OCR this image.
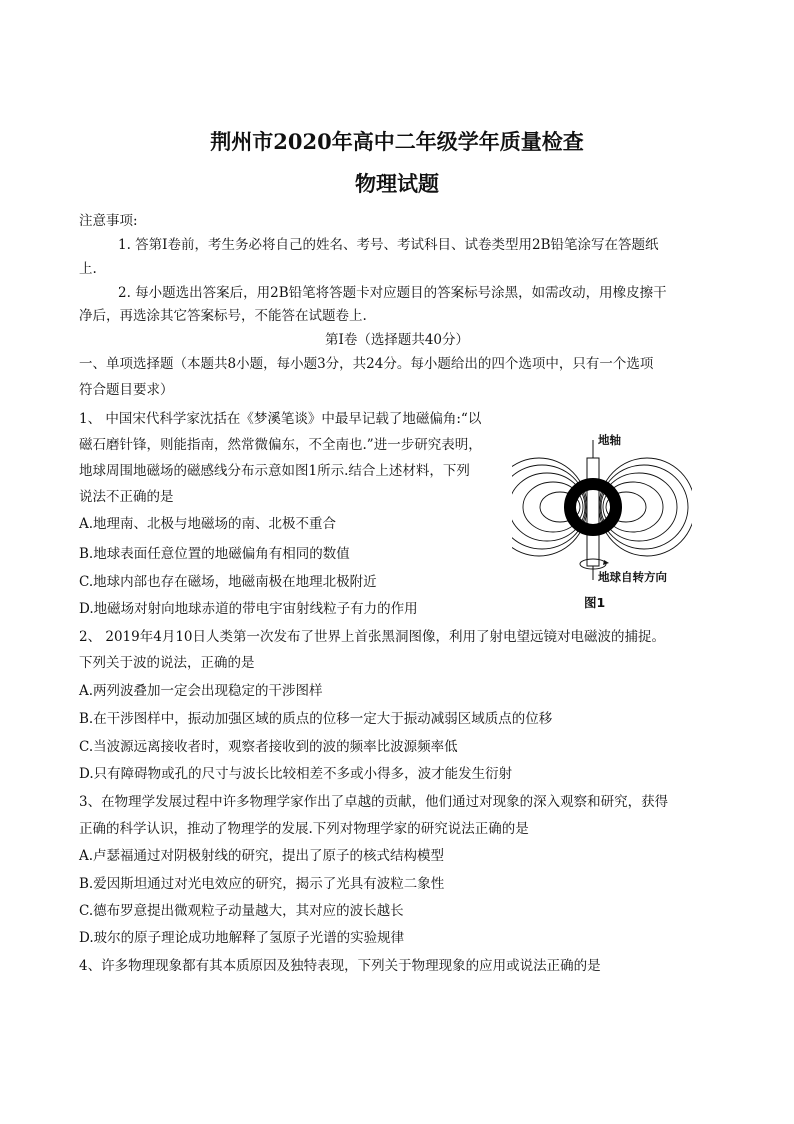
荆州市2020年高中二年级学年质量检查
物理试题

注意事项:

1. 答第I卷前，考生务必将自己的姓名、考号、考试科目、试卷类型用2B铅笔涂写在答题纸

上.

2. 每小题选出答案后，用2B铅笔将答题卡对应题目的答案标号涂黑，如需改动，用橡皮擦干

净后，再选涂其它答案标号，不能答在试题卷上.

第I卷（选择题共40分）

一、单项选择题（本题共8小题，每小题3分，共24分。每小题给出的四个选项中，只有一个选项

符合题目要求）

1、 中国宋代科学家沈括在《梦溪笔谈》中最早记载了地磁偏角:“以

磁石磨针锋，则能指南，然常微偏东，不全南也.”进一步研究表明，

地球周围地磁场的磁感线分布示意如图1所示.结合上述材料，下列

说法不正确的是

A.地理南、北极与地磁场的南、北极不重合

B.地球表面任意位置的地磁偏角有相同的数值

C.地球内部也存在磁场，地磁南极在地理北极附近

D.地磁场对射向地球赤道的带电宇宙射线粒子有力的作用

地轴
地球自转方向
图1

2、 2019年4月10日人类第一次发布了世界上首张黑洞图像，利用了射电望远镜对电磁波的捕捉。

下列关于波的说法，正确的是

A.两列波叠加一定会出现稳定的干涉图样

B.在干涉图样中，振动加强区域的质点的位移一定大于振动减弱区域质点的位移

C.当波源远离接收者时，观察者接收到的波的频率比波源频率低

D.只有障碍物或孔的尺寸与波长比较相差不多或小得多，波才能发生衍射

3、在物理学发展过程中许多物理学家作出了卓越的贡献，他们通过对现象的深入观察和研究，获得

正确的科学认识，推动了物理学的发展.下列对物理学家的研究说法正确的是

A.卢瑟福通过对阴极射线的研究，提出了原子的核式结构模型

B.爱因斯坦通过对光电效应的研究，揭示了光具有波粒二象性

C.德布罗意提出微观粒子动量越大，其对应的波长越长

D.玻尔的原子理论成功地解释了氢原子光谱的实验规律

4、许多物理现象都有其本质原因及独特表现，下列关于物理现象的应用或说法正确的是
